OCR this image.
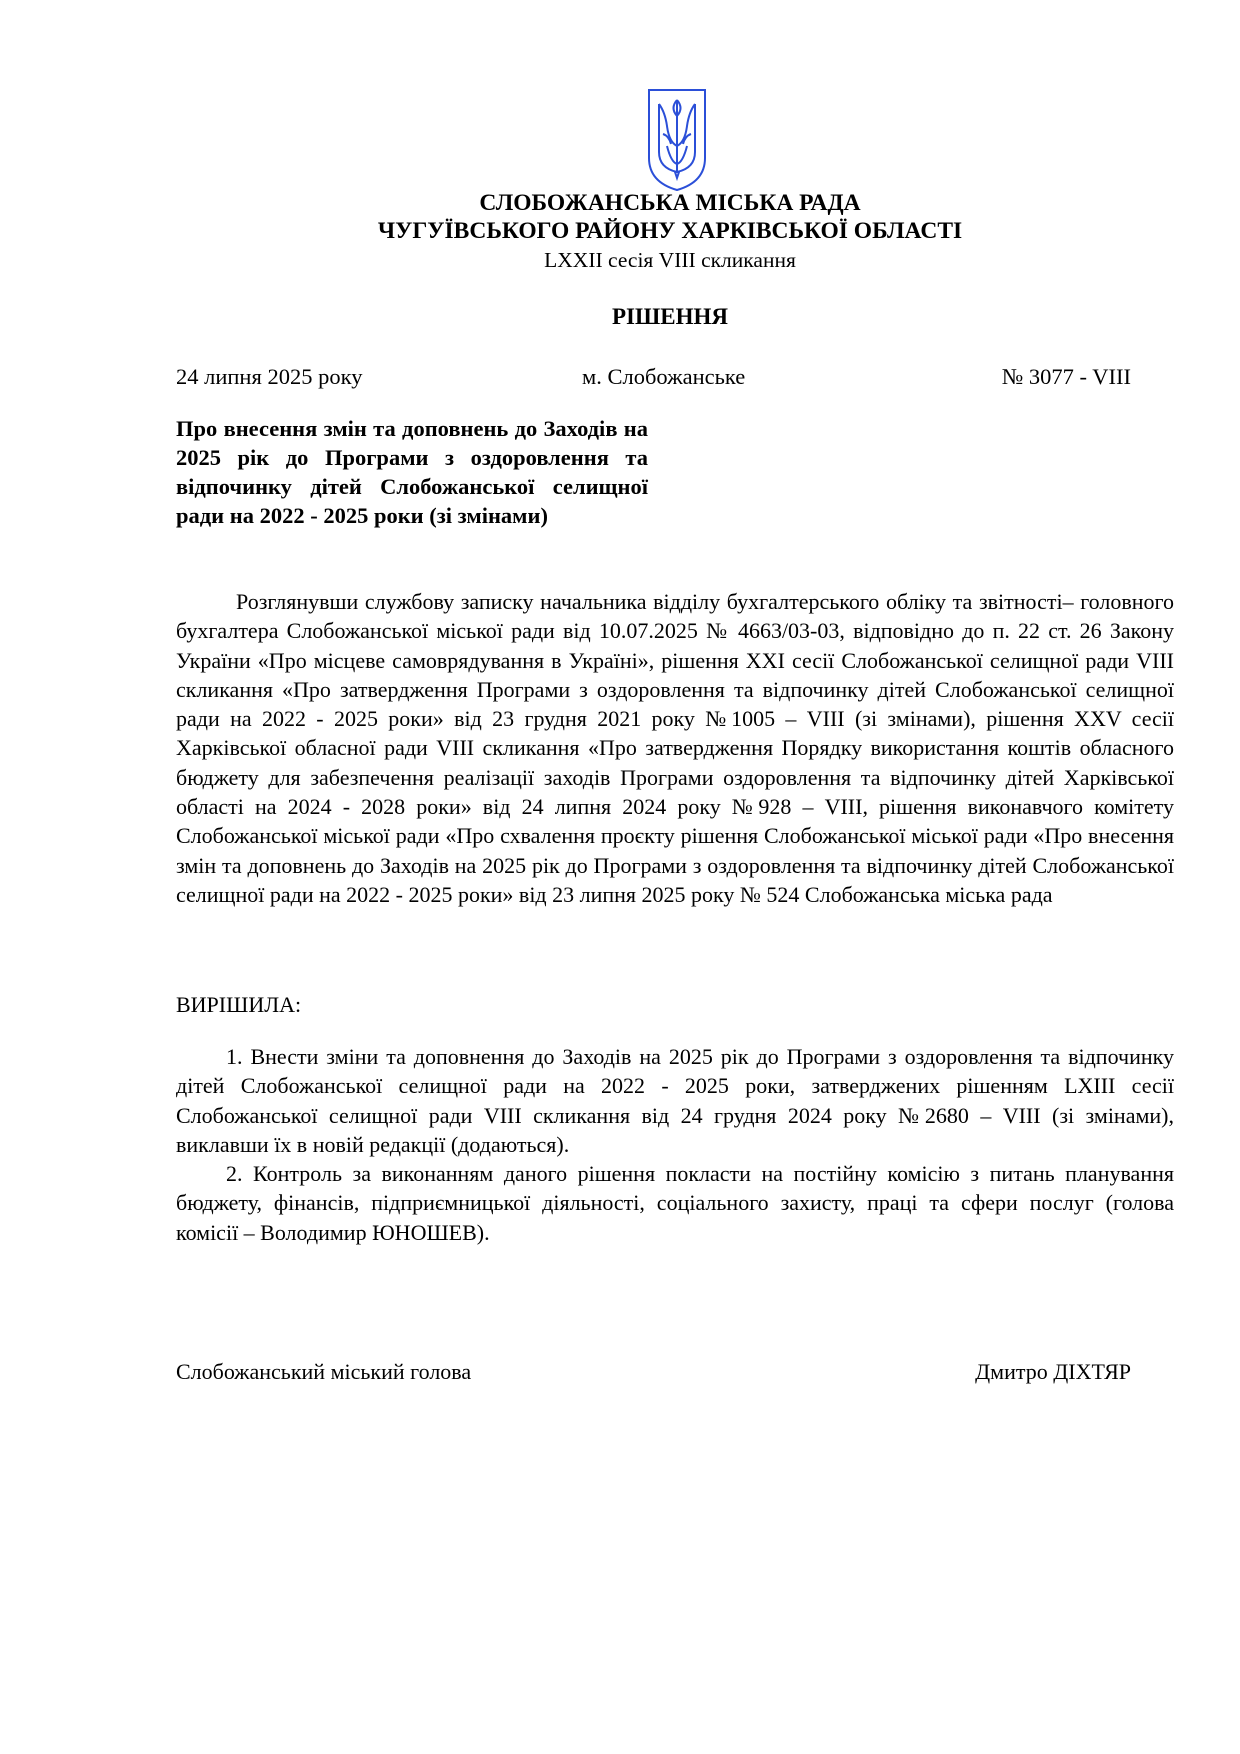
СЛОБОЖАНСЬКА МІСЬКА РАДА
ЧУГУЇВСЬКОГО РАЙОНУ ХАРКІВСЬКОЇ ОБЛАСТІ
LXXII сесія VIII скликання
РІШЕННЯ
24 липня 2025 року	м. Слобожанське	№ 3077 - VIII
Про внесення змін та доповнень до Заходів на 2025 рік до Програми з оздоровлення та відпочинку дітей Слобожанської селищної ради на 2022 - 2025 роки (зі змінами)

Розглянувши службову записку начальника відділу бухгалтерського обліку та звітності– головного бухгалтера Слобожанської міської ради від 10.07.2025 № 4663/03-03, відповідно до п. 22 ст. 26 Закону України «Про місцеве самоврядування в Україні», рішення ХХІ сесії Слобожанської селищної ради VIII скликання «Про затвердження Програми з оздоровлення та відпочинку дітей Слобожанської селищної ради на 2022 - 2025 роки» від 23 грудня 2021 року №1005 – VIII (зі змінами), рішення ХХV сесії Харківської обласної ради VIII скликання «Про затвердження Порядку використання коштів обласного бюджету для забезпечення реалізації заходів Програми оздоровлення та відпочинку дітей Харківської області на 2024 - 2028 роки» від 24 липня 2024 року №928 – VIII, рішення виконавчого комітету Слобожанської міської ради «Про схвалення проєкту рішення Слобожанської міської ради «Про внесення змін та доповнень до Заходів на 2025 рік до Програми з оздоровлення та відпочинку дітей Слобожанської селищної ради на 2022 - 2025 роки» від 23 липня 2025 року № 524 Слобожанська міська рада

ВИРІШИЛА:

1. Внести зміни та доповнення до Заходів на 2025 рік до Програми з оздоровлення та відпочинку дітей Слобожанської селищної ради на 2022 - 2025 роки, затверджених рішенням LXIII сесії Слобожанської селищної ради VIII скликання від 24 грудня 2024 року №2680 – VIII (зі змінами), виклавши їх в новій редакції (додаються).

2. Контроль за виконанням даного рішення покласти на постійну комісію з питань планування бюджету, фінансів, підприємницької діяльності, соціального захисту, праці та сфери послуг (голова комісії – Володимир ЮНОШЕВ).

Слобожанський міський голова	Дмитро ДІХТЯР
